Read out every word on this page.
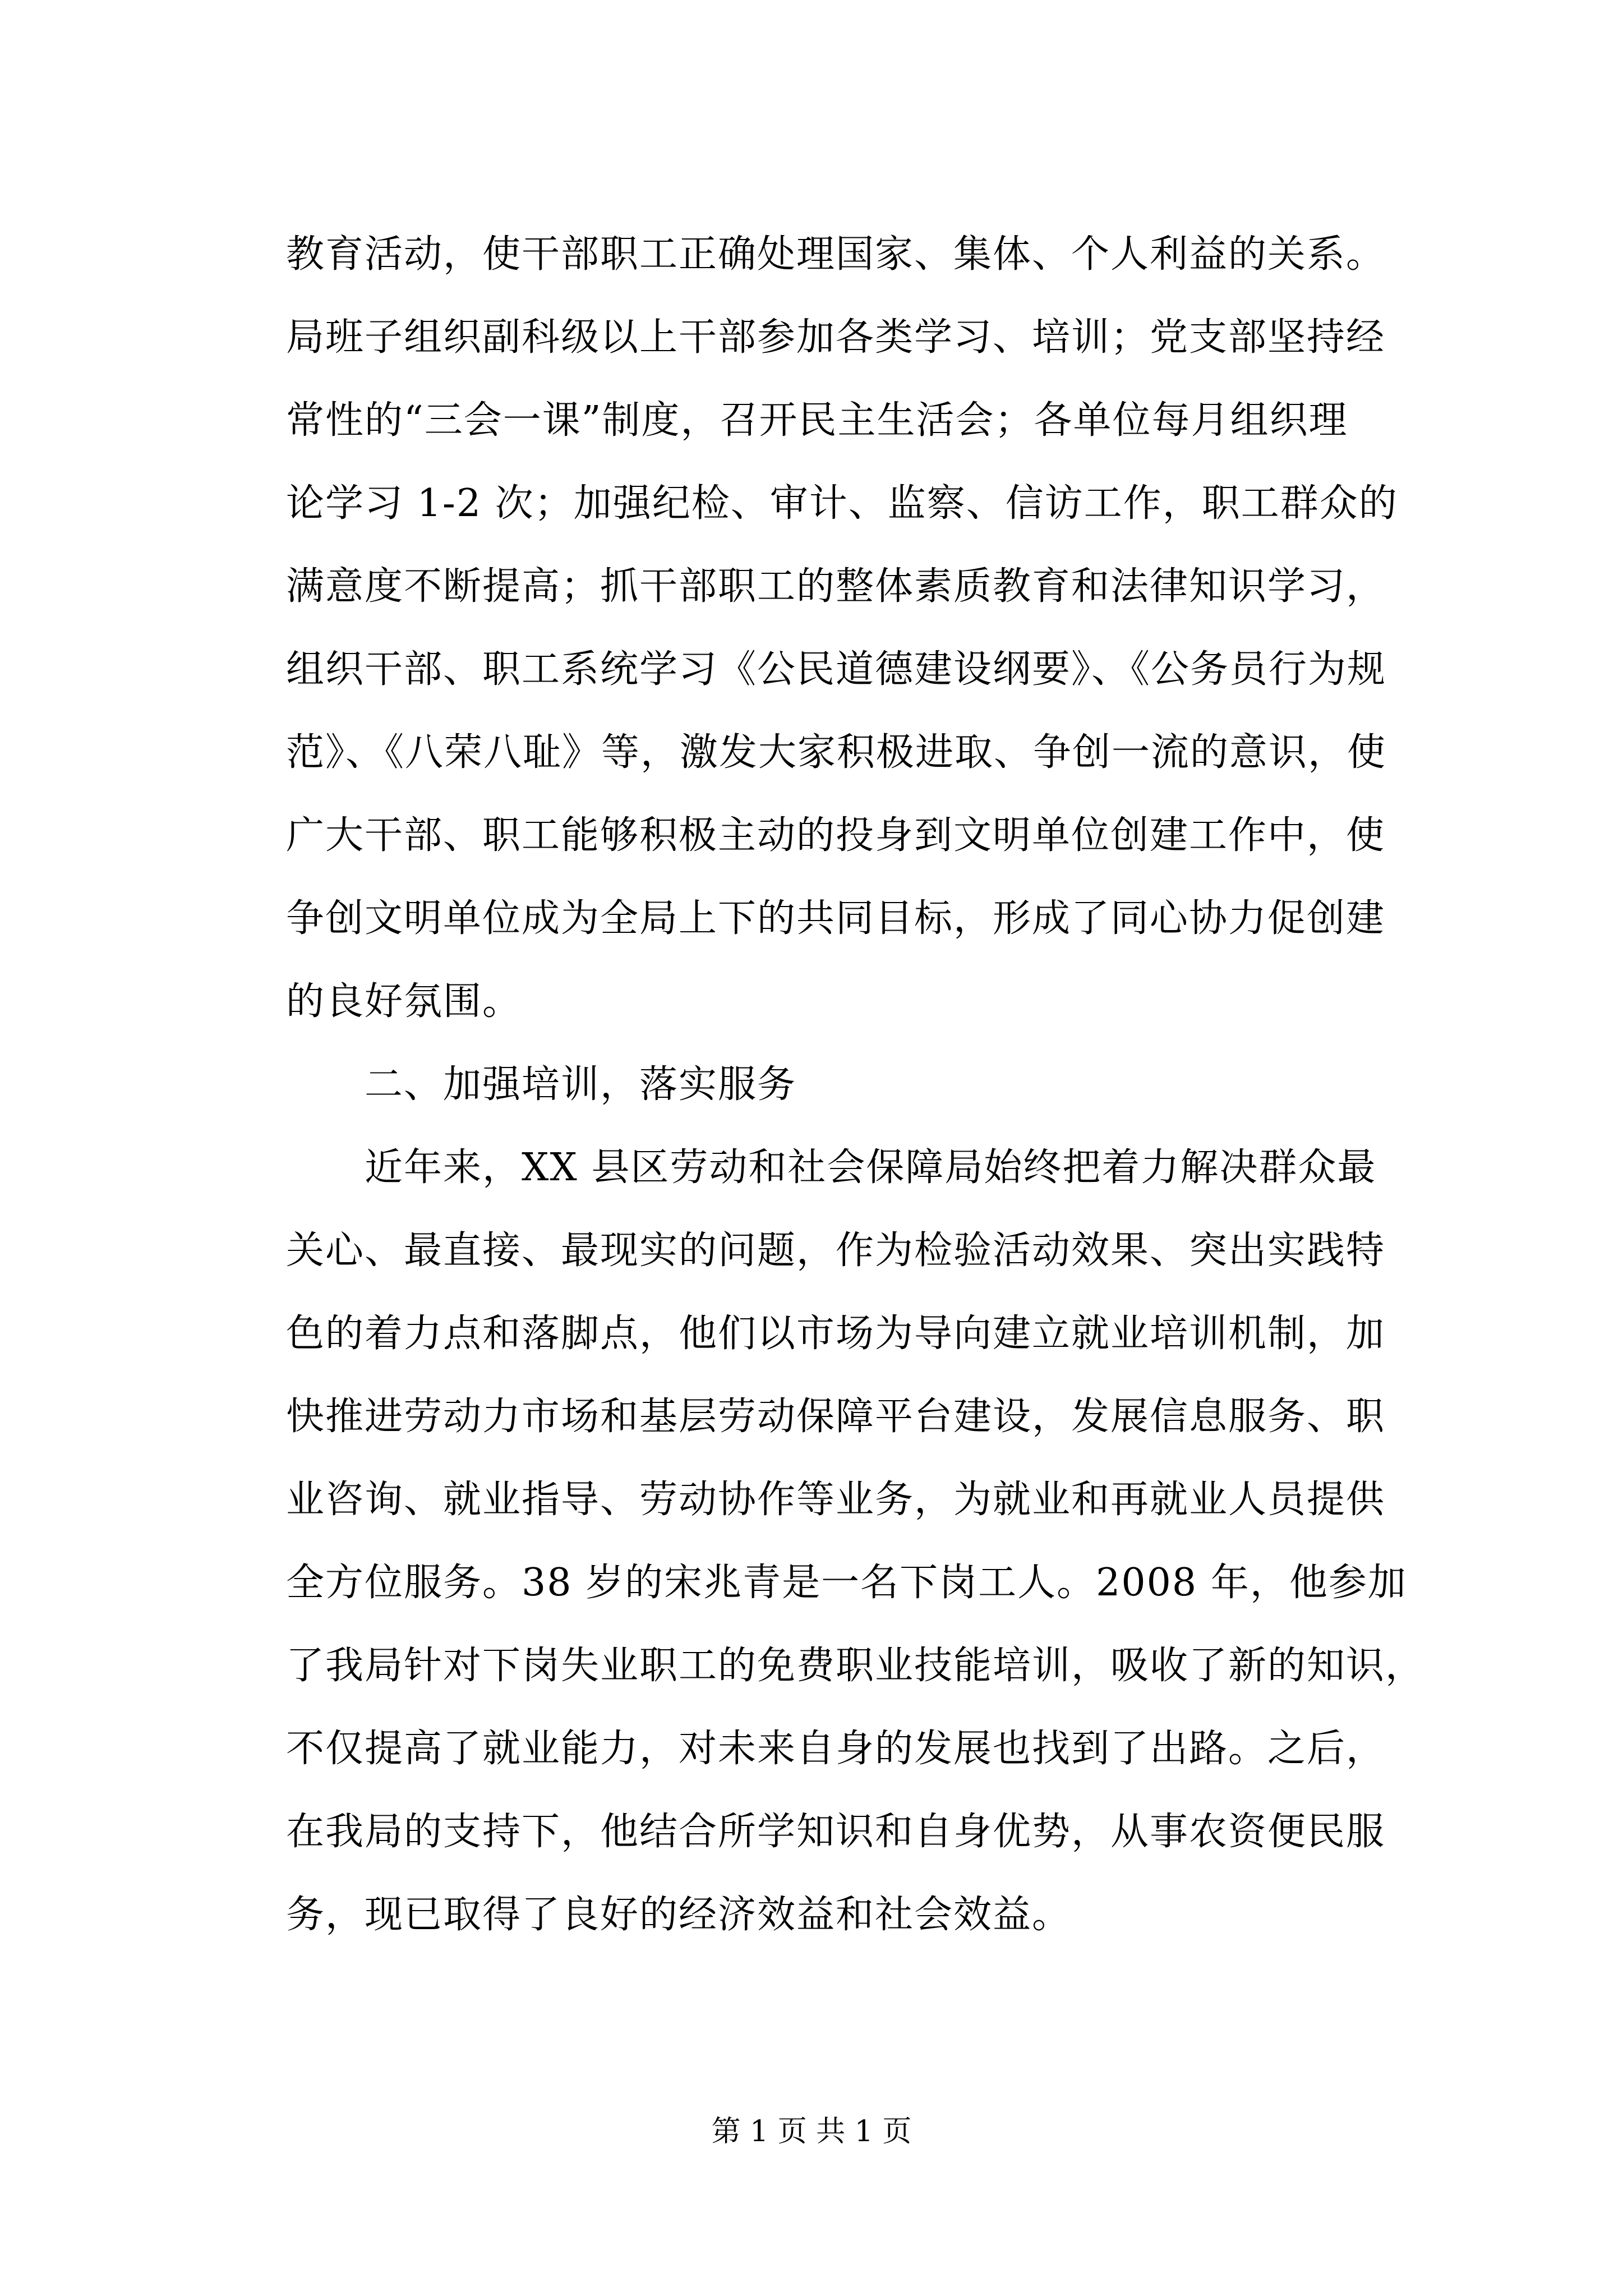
教育活动，使干部职工正确处理国家、集体、个人利益的关系。
局班子组织副科级以上干部参加各类学习、培训；党支部坚持经
常性的“三会一课”制度，召开民主生活会；各单位每月组织理
论学习 1-2 次；加强纪检、审计、监察、信访工作，职工群众的
满意度不断提高；抓干部职工的整体素质教育和法律知识学习，
组织干部、职工系统学习《公民道德建设纲要》、《公务员行为规
范》、《八荣八耻》等，激发大家积极进取、争创一流的意识，使
广大干部、职工能够积极主动的投身到文明单位创建工作中，使
争创文明单位成为全局上下的共同目标，形成了同心协力促创建
的良好氛围。
二、加强培训，落实服务
近年来，XX 县区劳动和社会保障局始终把着力解决群众最
关心、最直接、最现实的问题，作为检验活动效果、突出实践特
色的着力点和落脚点，他们以市场为导向建立就业培训机制，加
快推进劳动力市场和基层劳动保障平台建设，发展信息服务、职
业咨询、就业指导、劳动协作等业务，为就业和再就业人员提供
全方位服务。38 岁的宋兆青是一名下岗工人。2008 年，他参加
了我局针对下岗失业职工的免费职业技能培训，吸收了新的知识，
不仅提高了就业能力，对未来自身的发展也找到了出路。之后，
在我局的支持下，他结合所学知识和自身优势，从事农资便民服
务，现已取得了良好的经济效益和社会效益。
第 1 页 共 1 页
